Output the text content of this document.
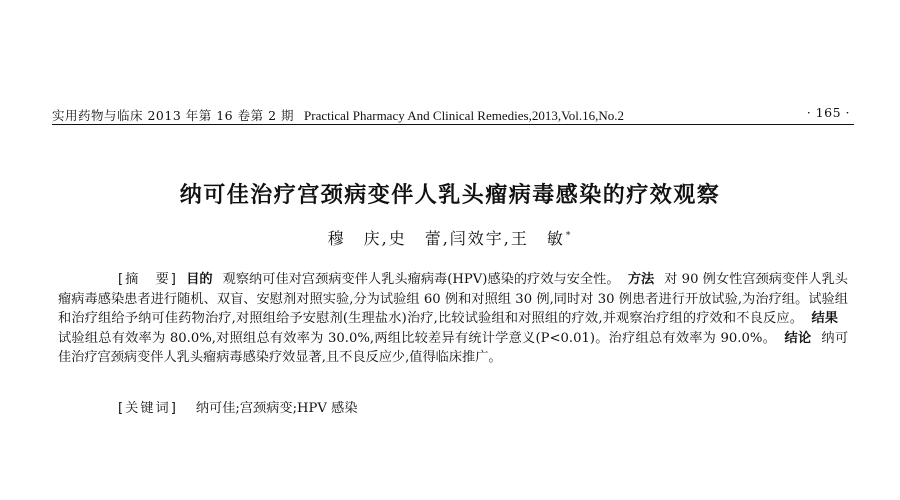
实用药物与临床 2013 年第 16 卷第 2 期 Practical Pharmacy And Clinical Remedies,2013,Vol.16,No.2	· 165 ·
纳可佳治疗宫颈病变伴人乳头瘤病毒感染的疗效观察
穆　庆,史　蕾,闫效宇,王　敏*

[摘　要] 目的 观察纳可佳对宫颈病变伴人乳头瘤病毒(HPV)感染的疗效与安全性。 方法 对 90 例女性宫颈病变伴人乳头瘤病毒感染患者进行随机、双盲、安慰剂对照实验,分为试验组 60 例和对照组 30 例,同时对 30 例患者进行开放试验,为治疗组。试验组和治疗组给予纳可佳药物治疗,对照组给予安慰剂(生理盐水)治疗,比较试验组和对照组的疗效,并观察治疗组的疗效和不良反应。 结果试验组总有效率为 80.0%,对照组总有效率为 30.0%,两组比较差异有统计学意义(P<0.01)。治疗组总有效率为 90.0%。 结论 纳可佳治疗宫颈病变伴人乳头瘤病毒感染疗效显著,且不良反应少,值得临床推广。

[关键词] 纳可佳;宫颈病变;HPV 感染
